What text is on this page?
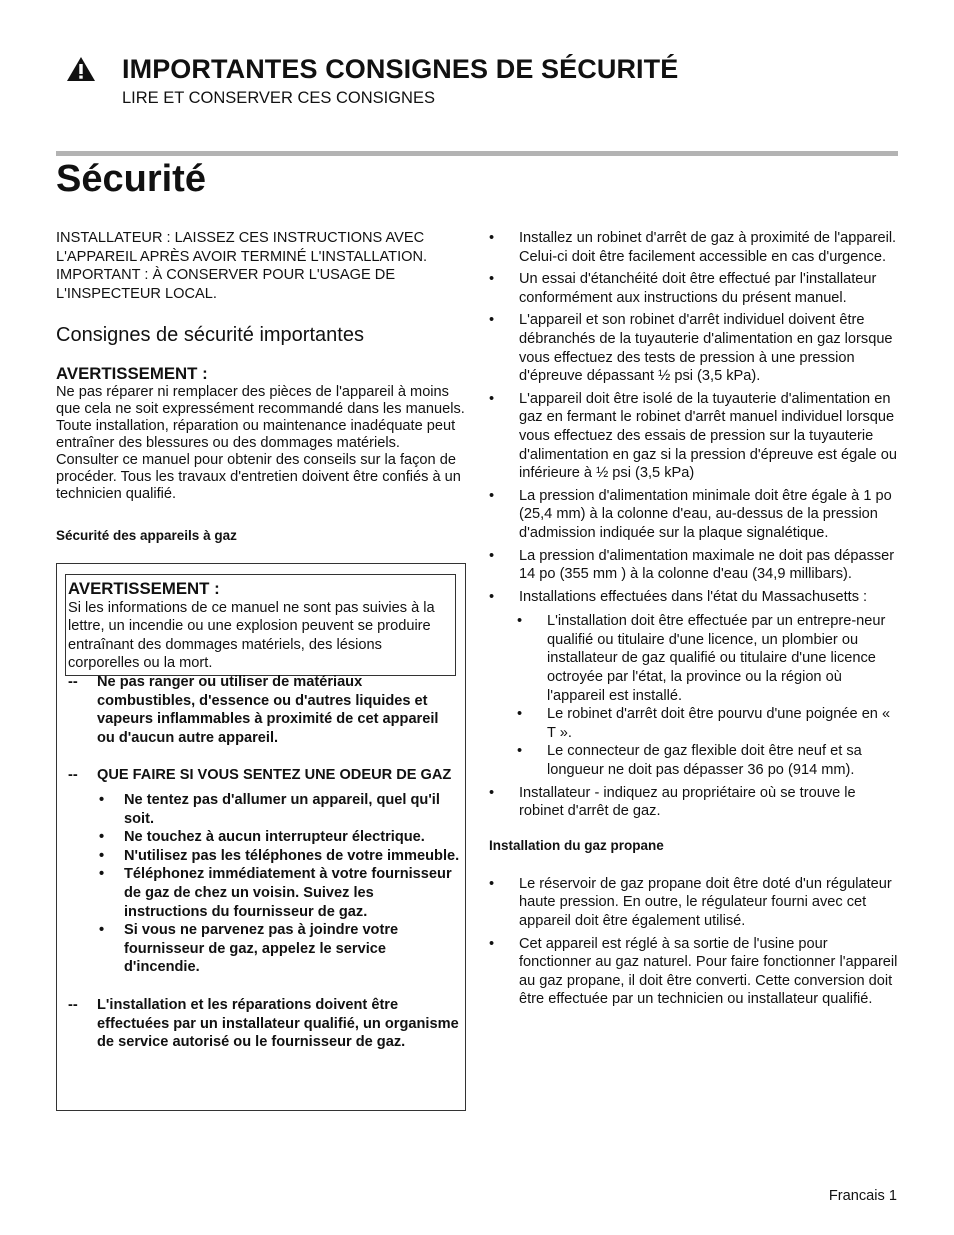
IMPORTANTES CONSIGNES DE SÉCURITÉ
LIRE ET CONSERVER CES CONSIGNES
Sécurité
INSTALLATEUR : LAISSEZ CES INSTRUCTIONS AVEC L'APPAREIL APRÈS AVOIR TERMINÉ L'INSTALLATION. IMPORTANT : À CONSERVER POUR L'USAGE DE L'INSPECTEUR LOCAL.
Consignes de sécurité importantes
AVERTISSEMENT :
Ne pas réparer ni remplacer des pièces de l'appareil à moins que cela ne soit expressément recommandé dans les manuels. Toute installation, réparation ou maintenance inadéquate peut entraîner des blessures ou des dommages matériels. Consulter ce manuel pour obtenir des conseils sur la façon de procéder. Tous les travaux d'entretien doivent être confiés à un technicien qualifié.
Sécurité des appareils à gaz
AVERTISSEMENT :
Si les informations de ce manuel ne sont pas suivies à la lettre, un incendie ou une explosion peuvent se produire entraînant des dommages matériels, des lésions corporelles ou la mort.
--	Ne pas ranger ou utiliser de matériaux combustibles, d'essence ou d'autres liquides et vapeurs inflammables à proximité de cet appareil ou d'aucun autre appareil.
--	QUE FAIRE SI VOUS SENTEZ UNE ODEUR DE GAZ
•	Ne tentez pas d'allumer un appareil, quel qu'il soit.
•	Ne touchez à aucun interrupteur électrique.
•	N'utilisez pas les téléphones de votre immeuble.
•	Téléphonez immédiatement à votre fournisseur de gaz de chez un voisin. Suivez les instructions du fournisseur de gaz.
•	Si vous ne parvenez pas à joindre votre fournisseur de gaz, appelez le service d'incendie.
--	L'installation et les réparations doivent être effectuées par un installateur qualifié, un organisme de service autorisé ou le fournisseur de gaz.
•	Installez un robinet d'arrêt de gaz à proximité de l'appareil. Celui-ci doit être facilement accessible en cas d'urgence.
•	Un essai d'étanchéité doit être effectué par l'installateur conformément aux instructions du présent manuel.
•	L'appareil et son robinet d'arrêt individuel doivent être débranchés de la tuyauterie d'alimentation en gaz lorsque vous effectuez des tests de pression à une pression d'épreuve dépassant ½ psi (3,5 kPa).
•	L'appareil doit être isolé de la tuyauterie d'alimentation en gaz en fermant le robinet d'arrêt manuel individuel lorsque vous effectuez des essais de pression sur la tuyauterie d'alimentation en gaz si la pression d'épreuve est égale ou inférieure à ½ psi (3,5 kPa)
•	La pression d'alimentation minimale doit être égale à 1 po (25,4 mm) à la colonne d'eau, au-dessus de la pression d'admission indiquée sur la plaque signalétique.
•	La pression d'alimentation maximale ne doit pas dépasser 14 po (355 mm ) à la colonne d'eau (34,9 millibars).
•	Installations effectuées dans l'état du Massachusetts :
•	L'installation doit être effectuée par un entrepre-neur qualifié ou titulaire d'une licence, un plombier ou installateur de gaz qualifié ou titulaire d'une licence octroyée par l'état, la province ou la région où l'appareil est installé.
•	Le robinet d'arrêt doit être pourvu d'une poignée en « T ».
•	Le connecteur de gaz flexible doit être neuf et sa longueur ne doit pas dépasser 36 po (914 mm).
•	Installateur - indiquez au propriétaire où se trouve le robinet d'arrêt de gaz.
Installation du gaz propane
•	Le réservoir de gaz propane doit être doté d'un régulateur haute pression. En outre, le régulateur fourni avec cet appareil doit être également utilisé.
•	Cet appareil est réglé à sa sortie de l'usine pour fonctionner au gaz naturel. Pour faire fonctionner l'appareil au gaz propane, il doit être converti. Cette conversion doit être effectuée par un technicien ou installateur qualifié.
Francais 1
